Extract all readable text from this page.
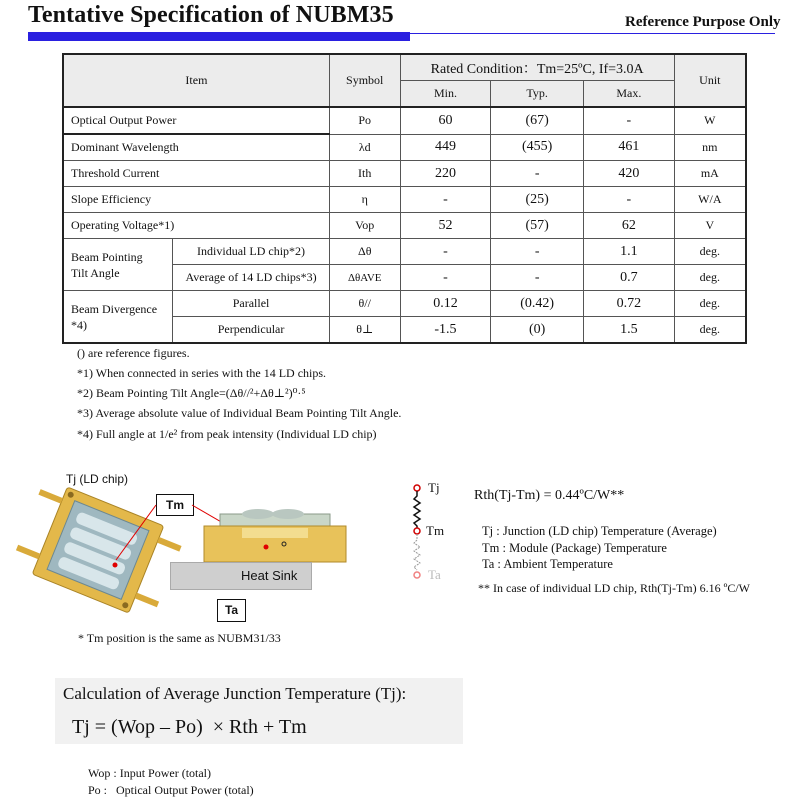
Tentative Specification of NUBM35	Reference Purpose Only
Item		Symbol	Rated Condition：Tm=25ºC, If=3.0A			Unit
			Min.	Typ.	Max.	
Optical Output Power		Po	60	(67)	-	W
Dominant Wavelength		λd	449	(455)	461	nm
Threshold Current		Ith	220	-	420	mA
Slope Efficiency		η	-	(25)	-	W/A
Operating Voltage*1)		Vop	52	(57)	62	V
Beam Pointing
Tilt Angle	Individual LD chip*2)	Δθ	-	-	1.1	deg.
	Average of 14 LD chips*3)	ΔθAVE	-	-	0.7	deg.
Beam Divergence
*4)	Parallel	θ//	0.12	(0.42)	0.72	deg.
	Perpendicular	θ⊥	-1.5	(0)	1.5	deg.
() are reference figures.
*1) When connected in series with the 14 LD chips.
*2) Beam Pointing Tilt Angle=(Δθ//²+Δθ⊥²)⁰·⁵
*3) Average absolute value of Individual Beam Pointing Tilt Angle.
*4) Full angle at 1/e² from peak intensity (Individual LD chip)
Tj (LD chip)
Tm
Heat Sink
Ta
* Tm position is the same as NUBM31/33
Tj
Tm
Ta
Rth(Tj-Tm) = 0.44ºC/W**
Tj : Junction (LD chip) Temperature (Average)
Tm : Module (Package) Temperature
Ta : Ambient Temperature
** In case of individual LD chip, Rth(Tj-Tm) 6.16 ºC/W
Calculation of Average Junction Temperature (Tj):
Tj = (Wop – Po)  × Rth + Tm
Wop : Input Power (total)
Po :   Optical Output Power (total)
